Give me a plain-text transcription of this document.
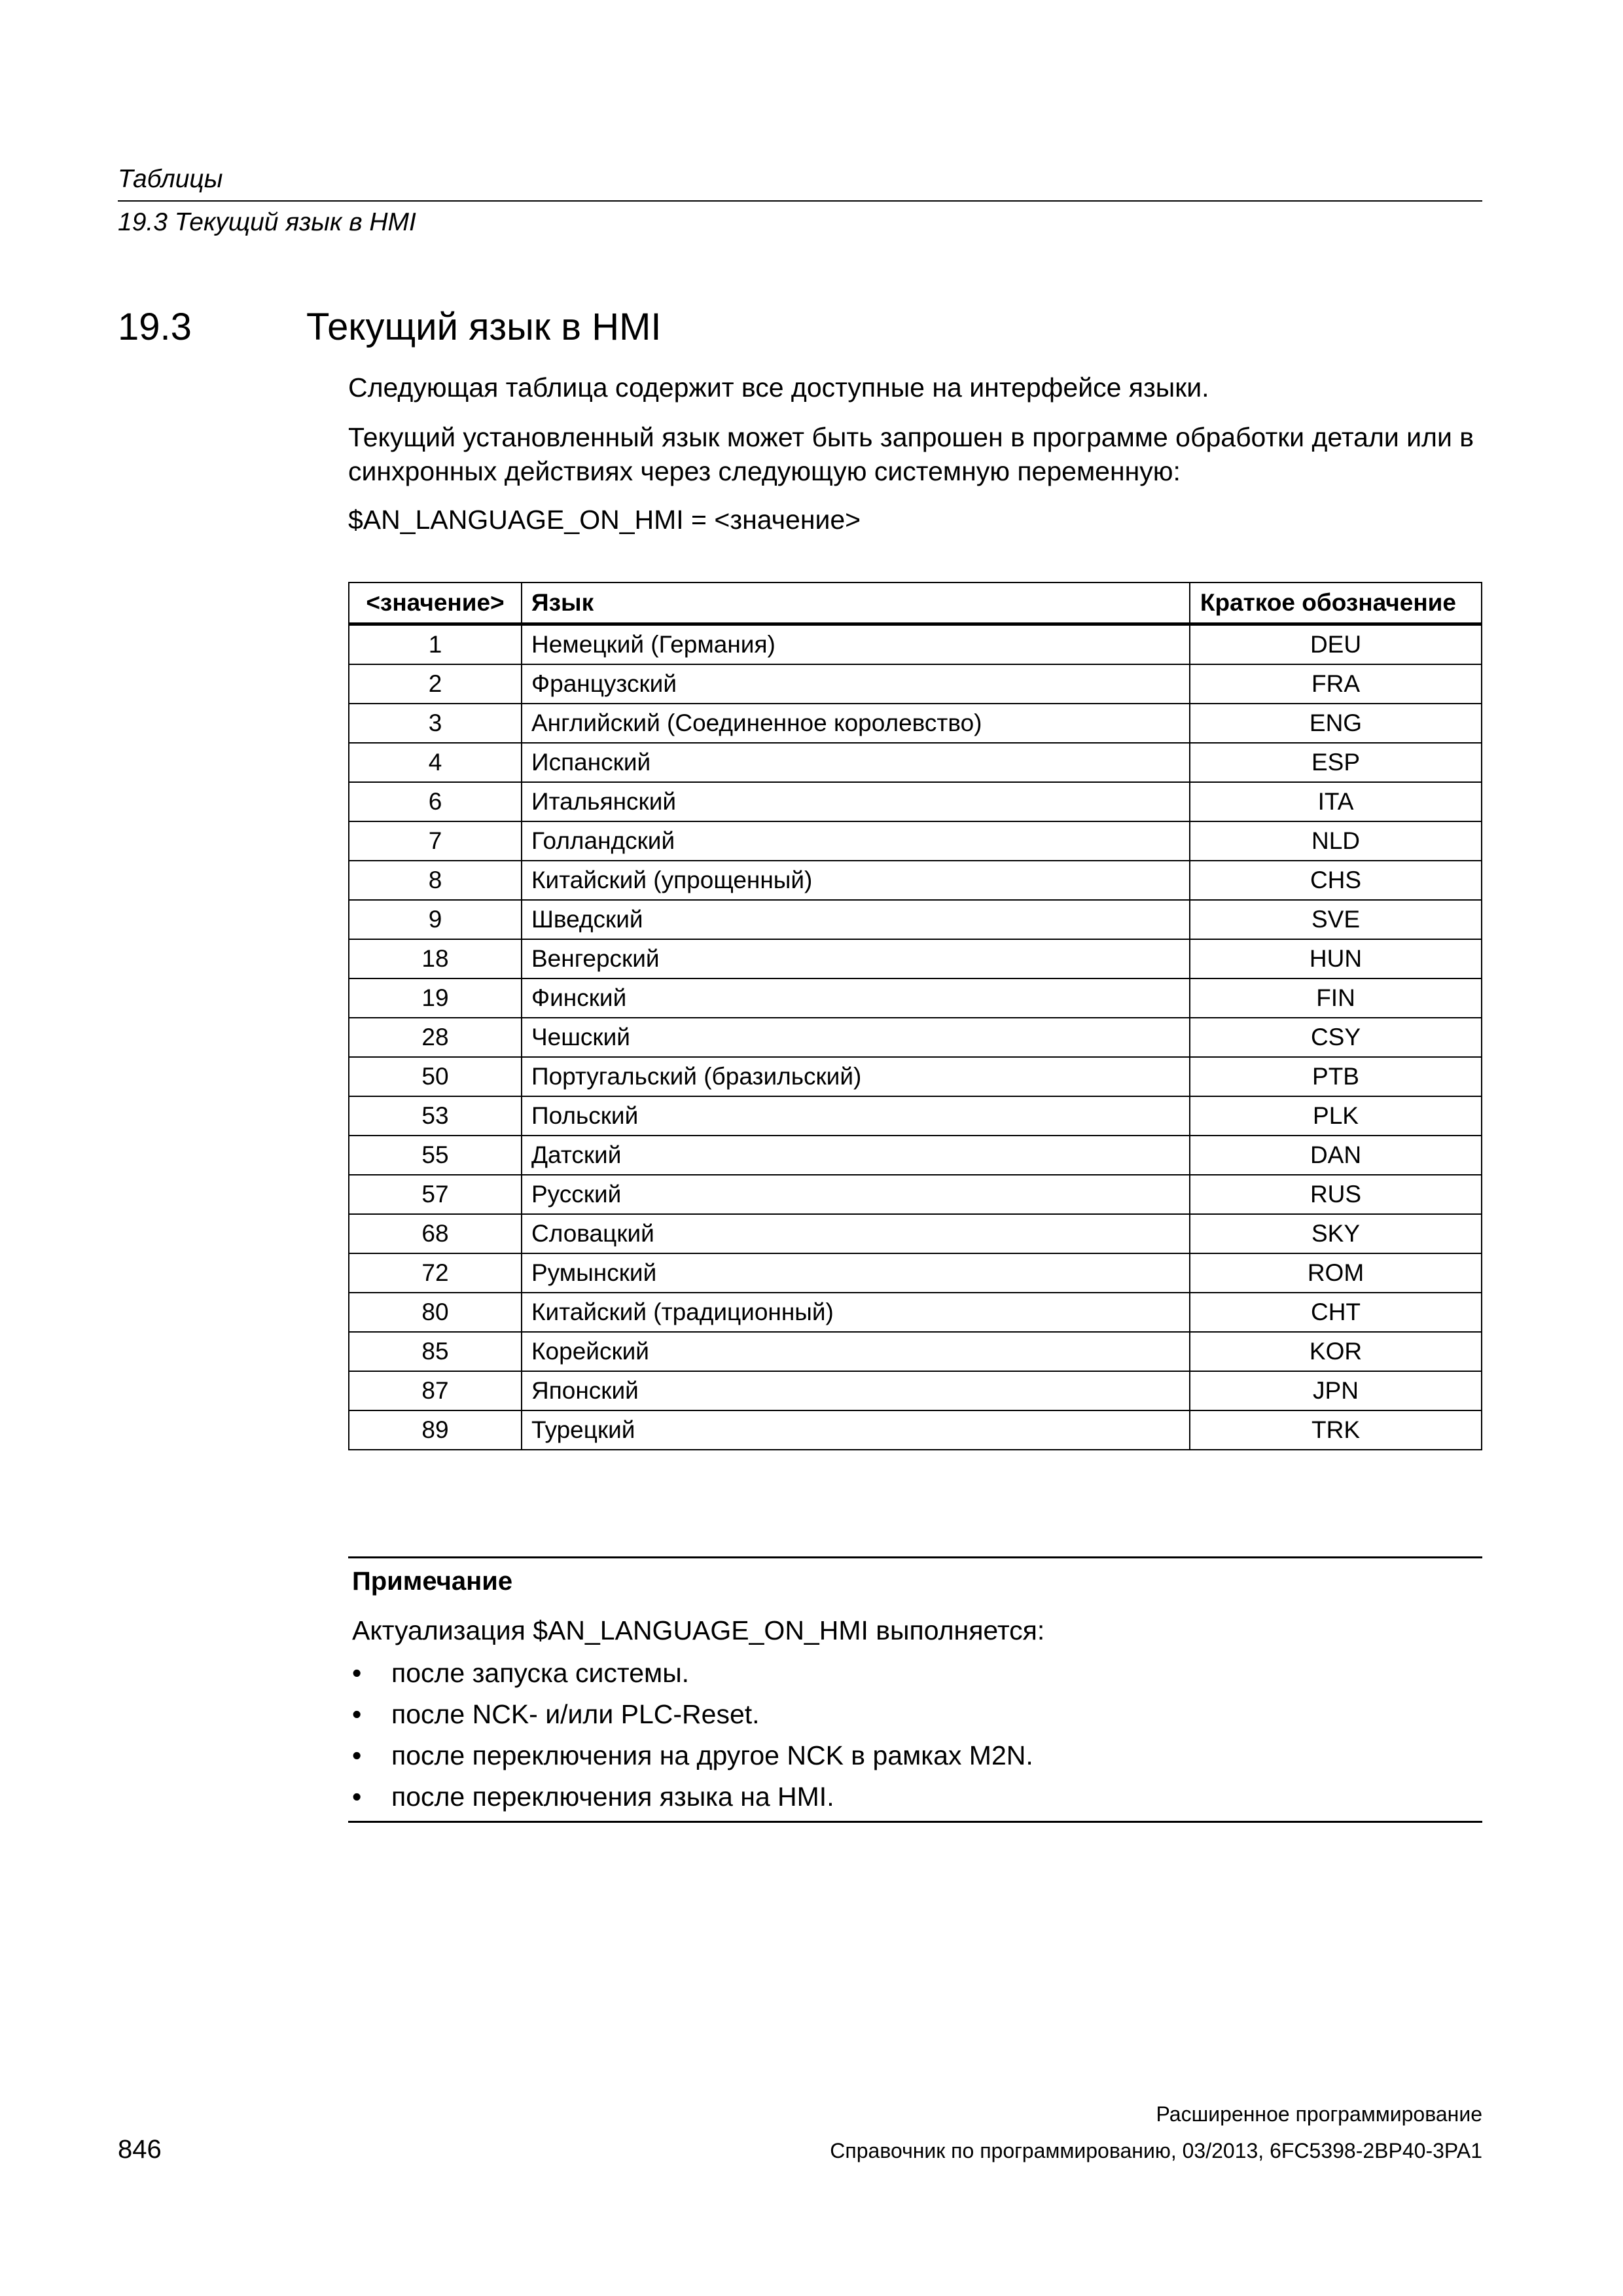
Таблицы
19.3 Текущий язык в HMI
19.3	Текущий язык в HMI
Следующая таблица содержит все доступные на интерфейсе языки.
Текущий установленный язык может быть запрошен в программе обработки детали или в синхронных действиях через следующую системную переменную:
$AN_LANGUAGE_ON_HMI = <значение>
<значение>	Язык	Краткое обозначение
1	Немецкий (Германия)	DEU
2	Французский	FRA
3	Английский (Соединенное королевство)	ENG
4	Испанский	ESP
6	Итальянский	ITA
7	Голландский	NLD
8	Китайский (упрощенный)	CHS
9	Шведский	SVE
18	Венгерский	HUN
19	Финский	FIN
28	Чешский	CSY
50	Португальский (бразильский)	PTB
53	Польский	PLK
55	Датский	DAN
57	Русский	RUS
68	Словацкий	SKY
72	Румынский	ROM
80	Китайский (традиционный)	CHT
85	Корейский	KOR
87	Японский	JPN
89	Турецкий	TRK
Примечание
Актуализация $AN_LANGUAGE_ON_HMI выполняется:
• после запуска системы.
• после NCK- и/или PLC-Reset.
• после переключения на другое NCK в рамках M2N.
• после переключения языка на HMI.
Расширенное программирование
846	Справочник по программированию, 03/2013, 6FC5398-2BP40-3PA1
